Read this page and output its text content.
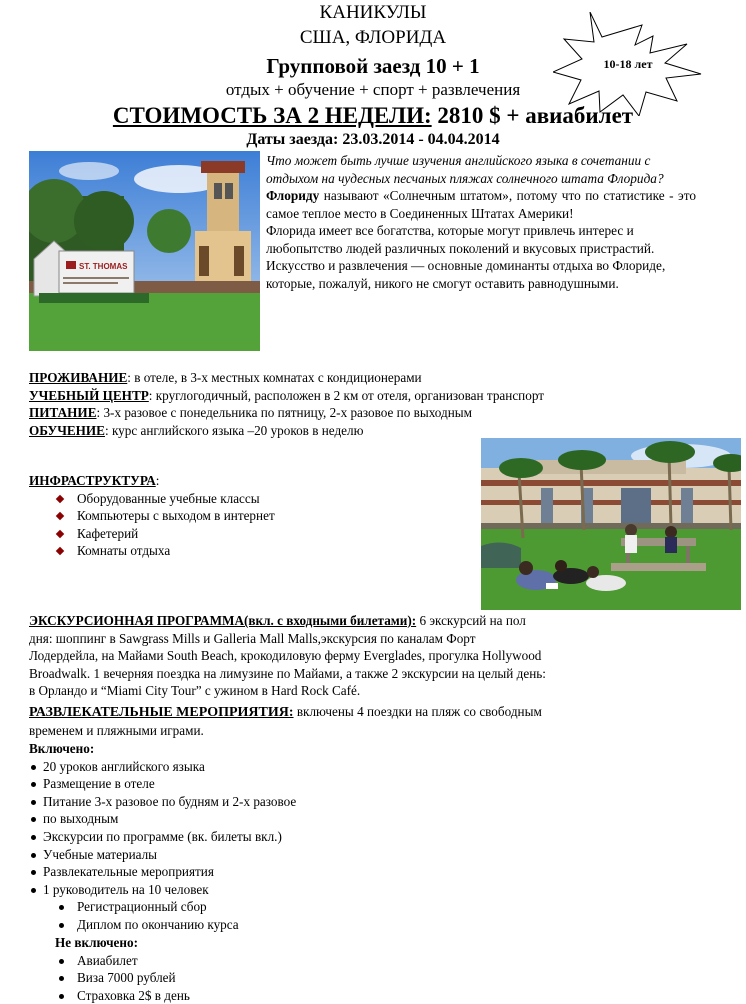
КАНИКУЛЫ
США, ФЛОРИДА
Групповой заезд 10 + 1
отдых + обучение + спорт + развлечения
СТОИМОСТЬ ЗА 2 НЕДЕЛИ: 2810 $ + авиабилет
Даты заезда: 23.03.2014 - 04.04.2014
10-18 лет
ST. THOMAS

Что может быть лучше изучения английского языка в сочетании с отдыхом на чудесных песчаных пляжах солнечного штата Флорида?

Флориду называют «Солнечным штатом», потому что по статистике - это самое теплое место в Соединенных Штатах Америки!

Флорида имеет все богатства, которые могут привлечь интерес и любопытство людей различных поколений и вкусовых пристрастий. Искусство и развлечения — основные доминанты отдыха во Флориде, которые, пожалуй, никого не смогут оставить равнодушными.

ПРОЖИВАНИЕ: в отеле, в 3-х местных комнатах с кондиционерами
УЧЕБНЫЙ ЦЕНТР: круглогодичный, расположен в 2 км от отеля, организован транспорт
ПИТАНИЕ: 3-х разовое с понедельника по пятницу, 2-х разовое по выходным
ОБУЧЕНИЕ: курс английского языка –20 уроков в неделю
ИНФРАСТРУКТУРА:
Оборудованные учебные классы
Компьютеры с выходом в интернет
Кафетерий
Комнаты отдыха
ЭКСКУРСИОННАЯ ПРОГРАММА(вкл. с входными билетами): 6 экскурсий на пол
дня: шоппинг в Sawgrass Mills и Galleria Mall Malls,экскурсия по каналам Форт
Лодердейла, на Майами South Beach, крокодиловую ферму Everglades, прогулка Hollywood
Broadwalk. 1 вечерняя поездка на лимузине по Майами, а также 2 экскурсии на целый день:
в Орландо и “Miami City Tour” с ужином в Hard Rock Café.
РАЗВЛЕКАТЕЛЬНЫЕ МЕРОПРИЯТИЯ: включены 4 поездки на пляж со свободным
временем и пляжными играми.
Включено:
20 уроков английского языка
Размещение в отеле
Питание 3-х разовое по будням и 2-х разовое
по выходным
Экскурсии по программе (вк. билеты вкл.)
Учебные материалы
Развлекательные мероприятия
1 руководитель на 10 человек
Регистрационный сбор
Диплом по окончанию курса
Не включено:
Авиабилет
Виза 7000 рублей
Страховка 2$ в день
